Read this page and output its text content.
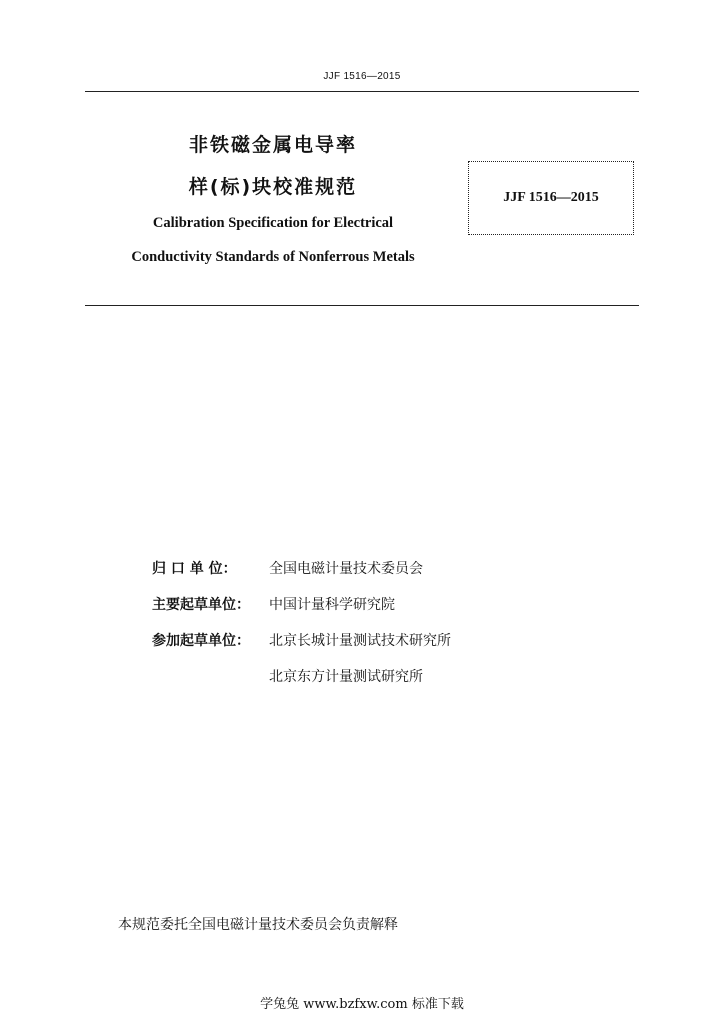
JJF 1516—2015
非铁磁金属电导率
样(标)块校准规范
Calibration Specification for Electrical
Conductivity Standards of Nonferrous Metals
JJF 1516—2015
归 口 单 位：	全国电磁计量技术委员会
主要起草单位：	中国计量科学研究院
参加起草单位：	北京长城计量测试技术研究所
北京东方计量测试研究所
本规范委托全国电磁计量技术委员会负责解释
学兔兔 www.bzfxw.com 标准下载
